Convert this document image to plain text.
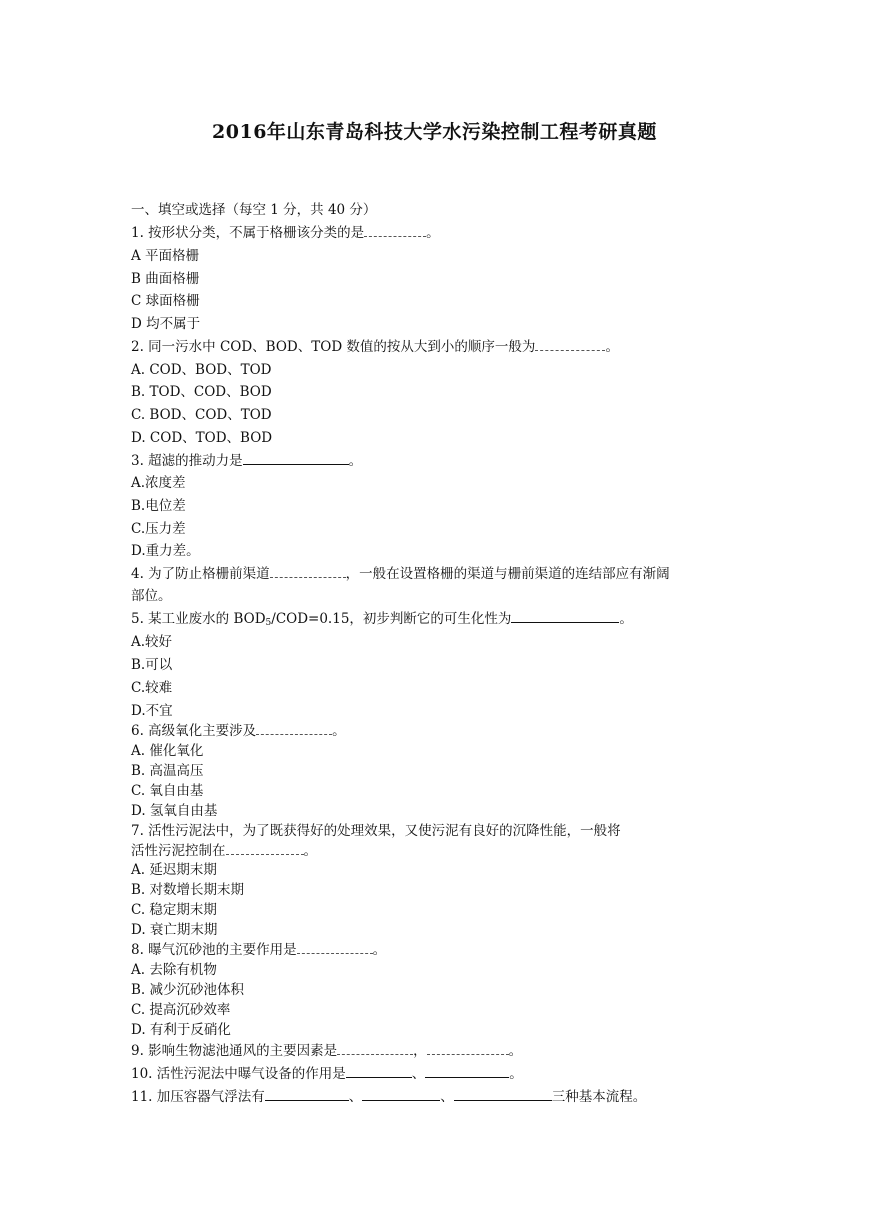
2016年山东青岛科技大学水污染控制工程考研真题
一、填空或选择（每空 1 分，共 40 分）
1. 按形状分类，不属于格栅该分类的是	。
A 平面格栅
B 曲面格栅
C 球面格栅
D 均不属于
2. 同一污水中 COD、BOD、TOD 数值的按从大到小的顺序一般为	。
A. COD、BOD、TOD
B. TOD、COD、BOD
C. BOD、COD、TOD
D. COD、TOD、BOD
3. 超滤的推动力是	。
A.浓度差
B.电位差
C.压力差
D.重力差。
4. 为了防止格栅前渠道	，一般在设置格栅的渠道与栅前渠道的连结部应有渐阔
部位。
5. 某工业废水的 $BOD_5/COD=0.15$，初步判断它的可生化性为	。
A.较好
B.可以
C.较难
D.不宜
6. 高级氧化主要涉及	。
A. 催化氧化
B. 高温高压
C. 氧自由基
D. 氢氧自由基
7. 活性污泥法中，为了既获得好的处理效果，又使污泥有良好的沉降性能，一般将
活性污泥控制在	。
A. 延迟期末期
B. 对数增长期末期
C. 稳定期末期
D. 衰亡期末期
8. 曝气沉砂池的主要作用是	。
A. 去除有机物
B. 减少沉砂池体积
C. 提高沉砂效率
D. 有利于反硝化
9. 影响生物滤池通风的主要因素是	，	。
10. 活性污泥法中曝气设备的作用是	、	。
11. 加压容器气浮法有	、	、	三种基本流程。
